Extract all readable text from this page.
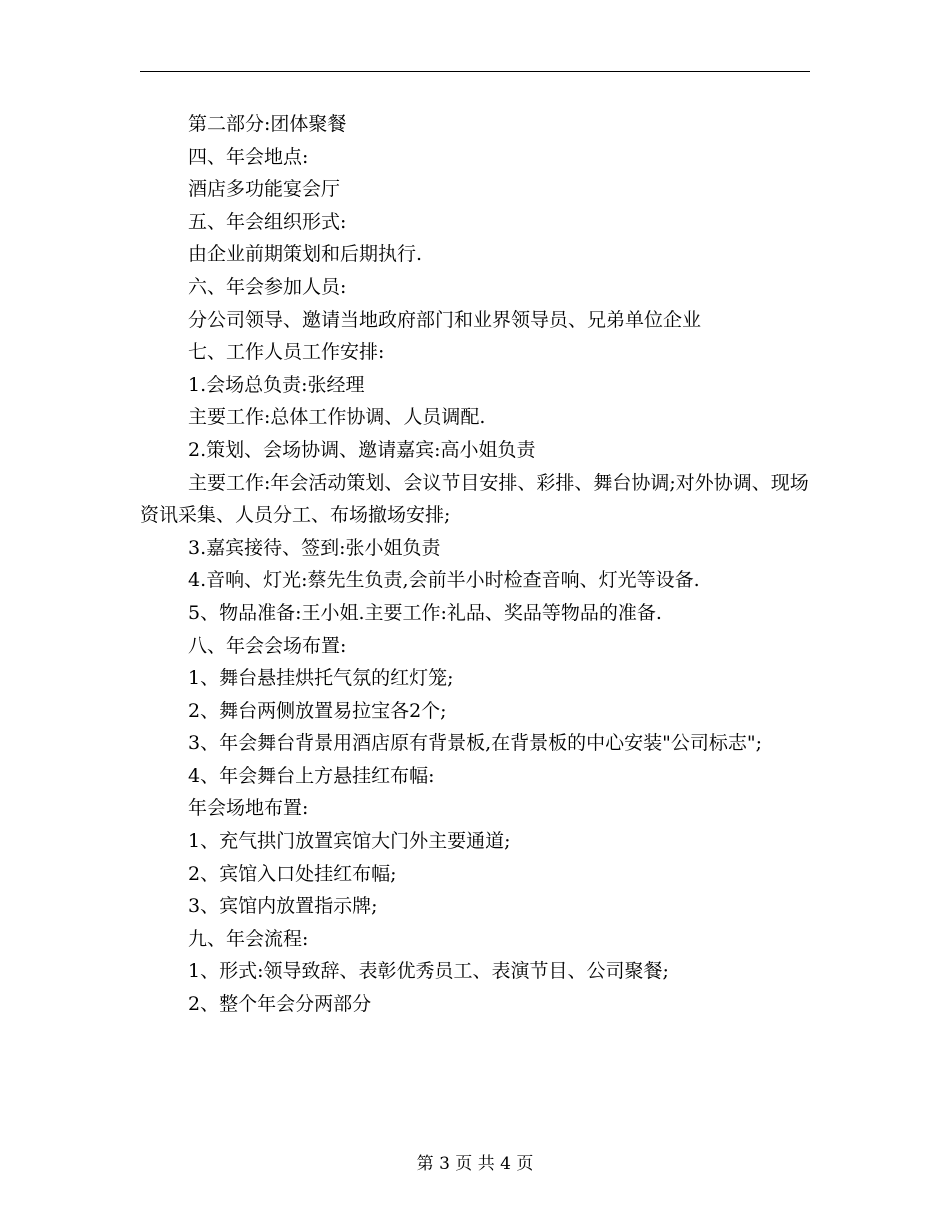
第二部分:团体聚餐

四、年会地点:

酒店多功能宴会厅

五、年会组织形式:

由企业前期策划和后期执行.

六、年会参加人员:

分公司领导、邀请当地政府部门和业界领导员、兄弟单位企业

七、工作人员工作安排:

1.会场总负责:张经理

主要工作:总体工作协调、人员调配.

2.策划、会场协调、邀请嘉宾:高小姐负责

主要工作:年会活动策划、会议节目安排、彩排、舞台协调;对外协调、现场资讯采集、人员分工、布场撤场安排;

3.嘉宾接待、签到:张小姐负责

4.音响、灯光:蔡先生负责,会前半小时检查音响、灯光等设备.

5、物品准备:王小姐.主要工作:礼品、奖品等物品的准备.

八、年会会场布置:

1、舞台悬挂烘托气氛的红灯笼;

2、舞台两侧放置易拉宝各2个;

3、年会舞台背景用酒店原有背景板,在背景板的中心安装"公司标志";

4、年会舞台上方悬挂红布幅:

年会场地布置:

1、充气拱门放置宾馆大门外主要通道;

2、宾馆入口处挂红布幅;

3、宾馆内放置指示牌;

九、年会流程:

1、形式:领导致辞、表彰优秀员工、表演节目、公司聚餐;

2、整个年会分两部分

第 3 页 共 4 页
